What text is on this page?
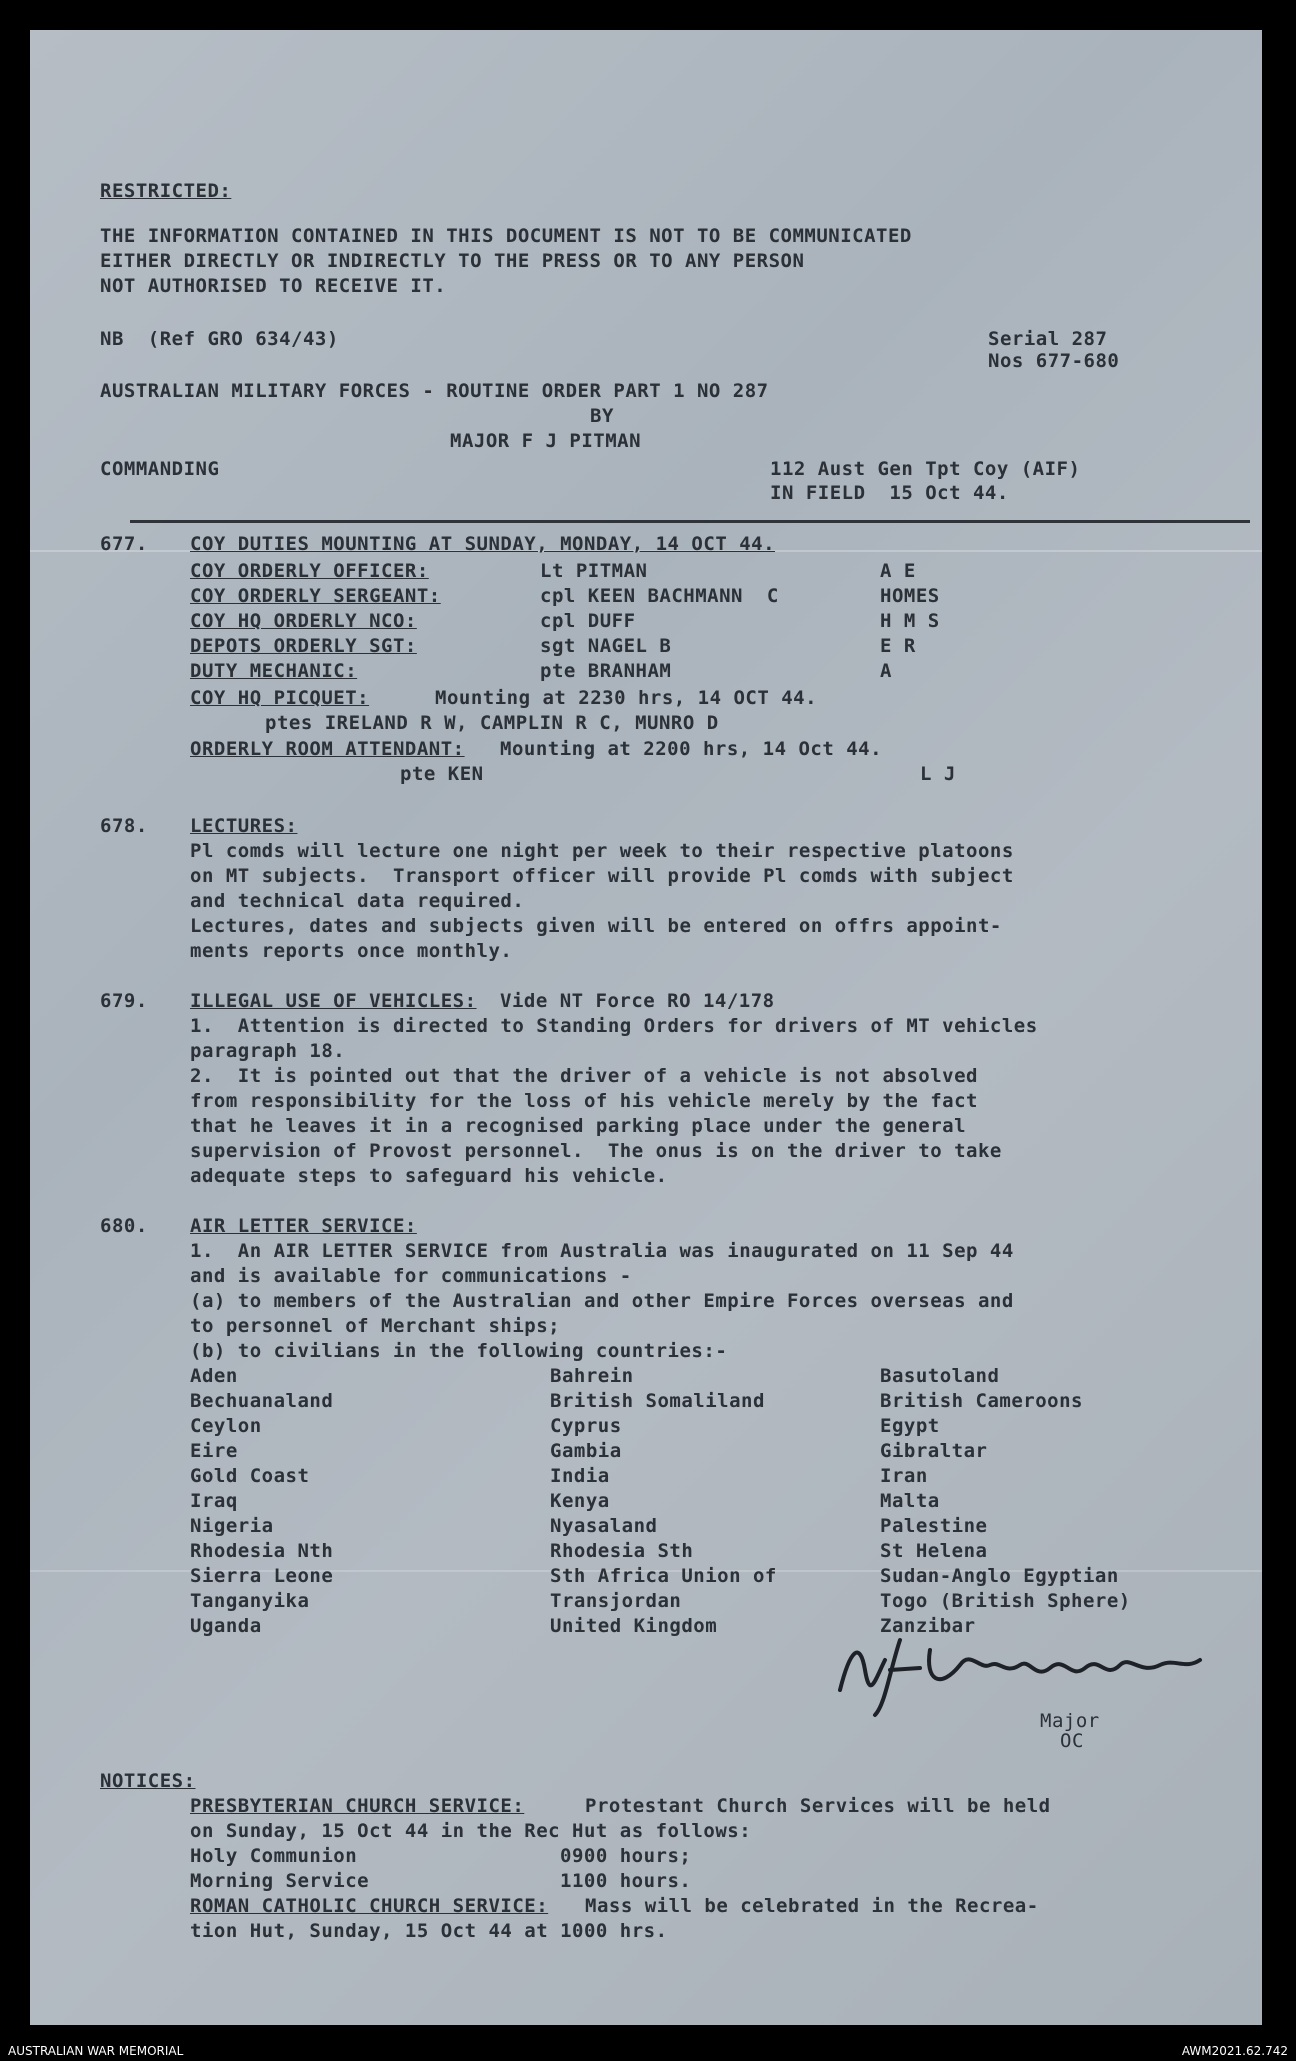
RESTRICTED:
THE INFORMATION CONTAINED IN THIS DOCUMENT IS NOT TO BE COMMUNICATED
EITHER DIRECTLY OR INDIRECTLY TO THE PRESS OR TO ANY PERSON
NOT AUTHORISED TO RECEIVE IT.
NB  (Ref GRO 634/43)	Serial 287
Nos 677-680
AUSTRALIAN MILITARY FORCES - ROUTINE ORDER PART 1 NO 287
BY
MAJOR F J PITMAN
COMMANDING	112 Aust Gen Tpt Coy (AIF)
IN FIELD  15 Oct 44.
677. COY DUTIES MOUNTING AT SUNDAY, MONDAY, 14 OCT 44.
COY ORDERLY OFFICER:	Lt PITMAN	A E
COY ORDERLY SERGEANT:	cpl KEEN BACHMANN  C	HOMES
COY HQ ORDERLY NCO:	cpl DUFF	H M S
DEPOTS ORDERLY SGT:	sgt NAGEL B	E R
DUTY MECHANIC:	pte BRANHAM	A
COY HQ PICQUET:	Mounting at 2230 hrs, 14 OCT 44.
ptes IRELAND R W, CAMPLIN R C, MUNRO D
ORDERLY ROOM ATTENDANT: Mounting at 2200 hrs, 14 Oct 44.
pte KEN	L J
678. LECTURES:
Pl comds will lecture one night per week to their respective platoons
on MT subjects.  Transport officer will provide Pl comds with subject
and technical data required.
Lectures, dates and subjects given will be entered on offrs appoint-
ments reports once monthly.
679. ILLEGAL USE OF VEHICLES: Vide NT Force RO 14/178
1.  Attention is directed to Standing Orders for drivers of MT vehicles
paragraph 18.
2.  It is pointed out that the driver of a vehicle is not absolved
from responsibility for the loss of his vehicle merely by the fact
that he leaves it in a recognised parking place under the general
supervision of Provost personnel.  The onus is on the driver to take
adequate steps to safeguard his vehicle.
680. AIR LETTER SERVICE:
1.  An AIR LETTER SERVICE from Australia was inaugurated on 11 Sep 44
and is available for communications -
(a) to members of the Australian and other Empire Forces overseas and
to personnel of Merchant ships;
(b) to civilians in the following countries:-
Aden	Bahrein	Basutoland
Bechuanaland	British Somaliland	British Cameroons
Ceylon	Cyprus	Egypt
Eire	Gambia	Gibraltar
Gold Coast	India	Iran
Iraq	Kenya	Malta
Nigeria	Nyasaland	Palestine
Rhodesia Nth	Rhodesia Sth	St Helena
Sierra Leone	Sth Africa Union of	Sudan-Anglo Egyptian
Tanganyika	Transjordan	Togo (British Sphere)
Uganda	United Kingdom	Zanzibar
Major
OC
NOTICES:
PRESBYTERIAN CHURCH SERVICE:	Protestant Church Services will be held
on Sunday, 15 Oct 44 in the Rec Hut as follows:
Holy Communion	0900 hours;
Morning Service	1100 hours.
ROMAN CATHOLIC CHURCH SERVICE: Mass will be celebrated in the Recrea-
tion Hut, Sunday, 15 Oct 44 at 1000 hrs.
AUSTRALIAN WAR MEMORIAL	AWM2021.62.742
